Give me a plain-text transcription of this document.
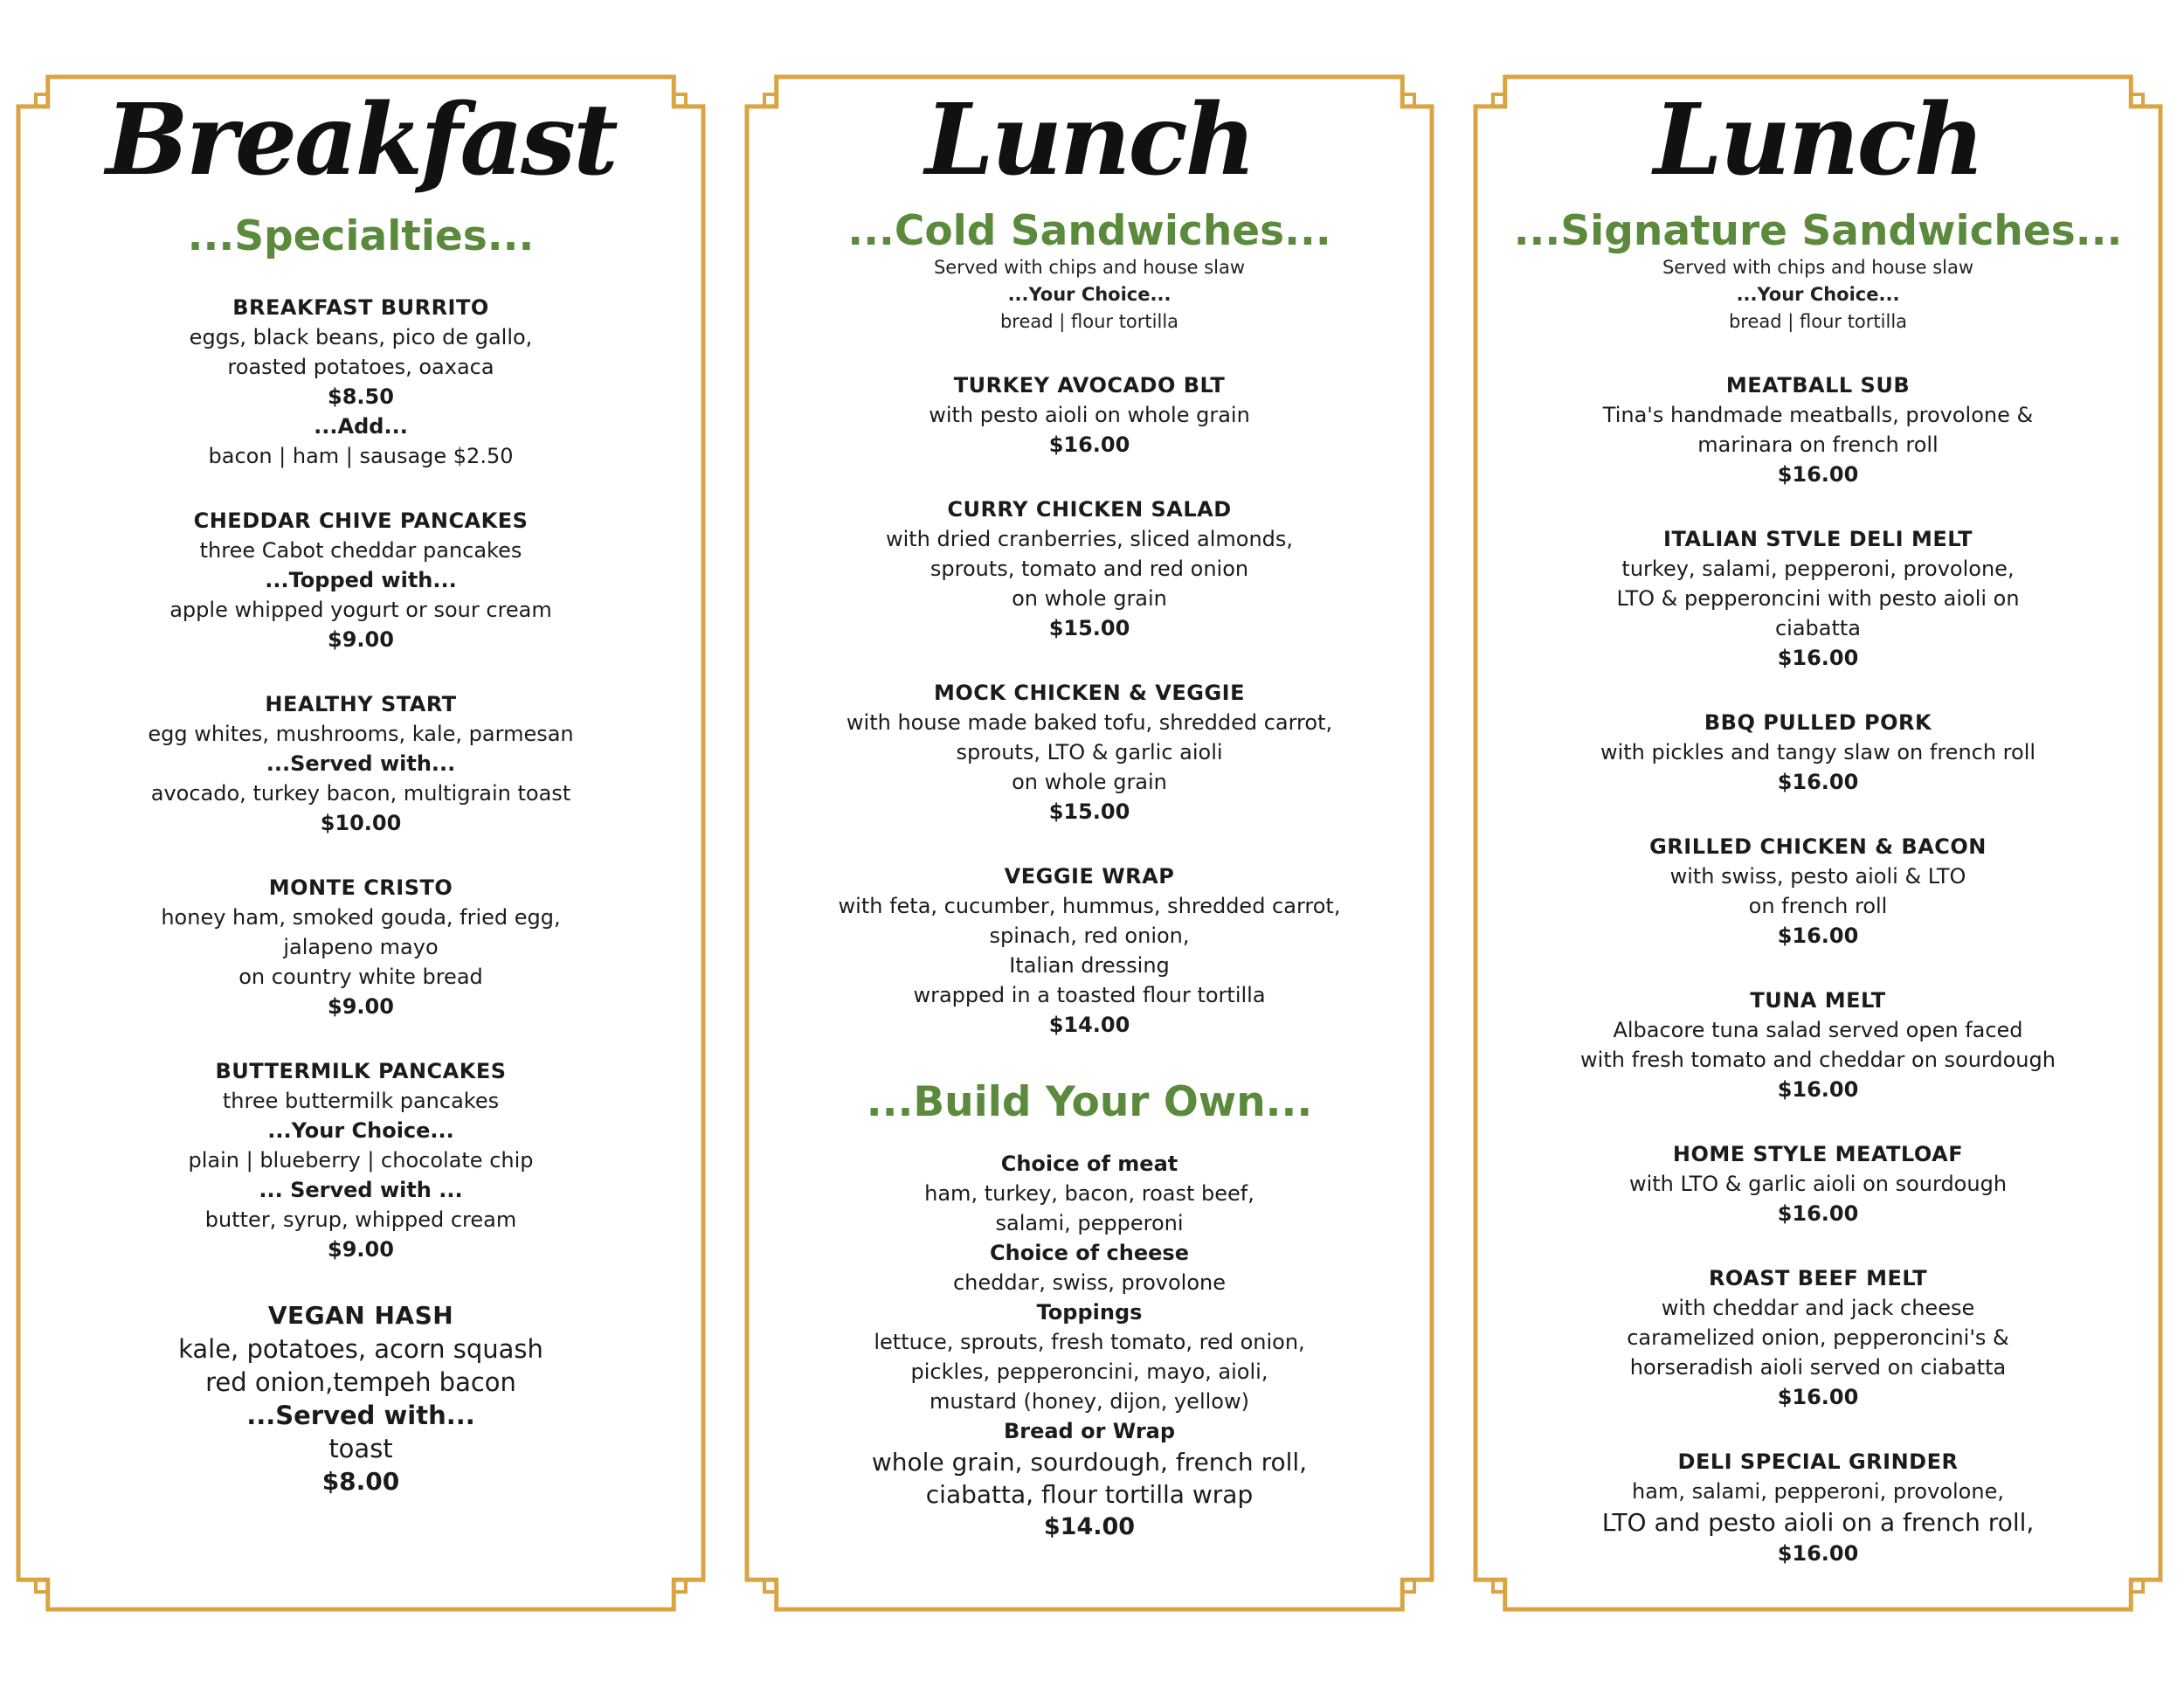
Breakfast
...Specialties...
BREAKFAST BURRITO
eggs, black beans, pico de gallo,
roasted potatoes, oaxaca
$8.50
...Add...
bacon | ham | sausage $2.50
CHEDDAR CHIVE PANCAKES
three Cabot cheddar pancakes
...Topped with...
apple whipped yogurt or sour cream
$9.00
HEALTHY START
egg whites, mushrooms, kale, parmesan
...Served with...
avocado, turkey bacon, multigrain toast
$10.00
MONTE CRISTO
honey ham, smoked gouda, fried egg,
jalapeno mayo
on country white bread
$9.00
BUTTERMILK PANCAKES
three buttermilk pancakes
...Your Choice...
plain | blueberry | chocolate chip
... Served with ...
butter, syrup, whipped cream
$9.00
VEGAN HASH
kale, potatoes, acorn squash
red onion,tempeh bacon
...Served with...
toast
$8.00
Lunch
...Cold Sandwiches...
Served with chips and house slaw
...Your Choice...
bread | flour tortilla
TURKEY AVOCADO BLT
with pesto aioli on whole grain
$16.00
CURRY CHICKEN SALAD
with dried cranberries, sliced almonds,
sprouts, tomato and red onion
on whole grain
$15.00
MOCK CHICKEN & VEGGIE
with house made baked tofu, shredded carrot,
sprouts, LTO & garlic aioli
on whole grain
$15.00
VEGGIE WRAP
with feta, cucumber, hummus, shredded carrot,
spinach, red onion,
Italian dressing
wrapped in a toasted flour tortilla
$14.00
...Build Your Own...
Choice of meat
ham, turkey, bacon, roast beef,
salami, pepperoni
Choice of cheese
cheddar, swiss, provolone
Toppings
lettuce, sprouts, fresh tomato, red onion,
pickles, pepperoncini, mayo, aioli,
mustard (honey, dijon, yellow)
Bread or Wrap
whole grain, sourdough, french roll,
ciabatta, flour tortilla wrap
$14.00
Lunch
...Signature Sandwiches...
Served with chips and house slaw
...Your Choice...
bread | flour tortilla
MEATBALL SUB
Tina's handmade meatballs, provolone &
marinara on french roll
$16.00
ITALIAN STVLE DELI MELT
turkey, salami, pepperoni, provolone,
LTO & pepperoncini with pesto aioli on
ciabatta
$16.00
BBQ PULLED PORK
with pickles and tangy slaw on french roll
$16.00
GRILLED CHICKEN & BACON
with swiss, pesto aioli & LTO
on french roll
$16.00
TUNA MELT
Albacore tuna salad served open faced
with fresh tomato and cheddar on sourdough
$16.00
HOME STYLE MEATLOAF
with LTO & garlic aioli on sourdough
$16.00
ROAST BEEF MELT
with cheddar and jack cheese
caramelized onion, pepperoncini's &
horseradish aioli served on ciabatta
$16.00
DELI SPECIAL GRINDER
ham, salami, pepperoni, provolone,
LTO and pesto aioli on a french roll,
$16.00
